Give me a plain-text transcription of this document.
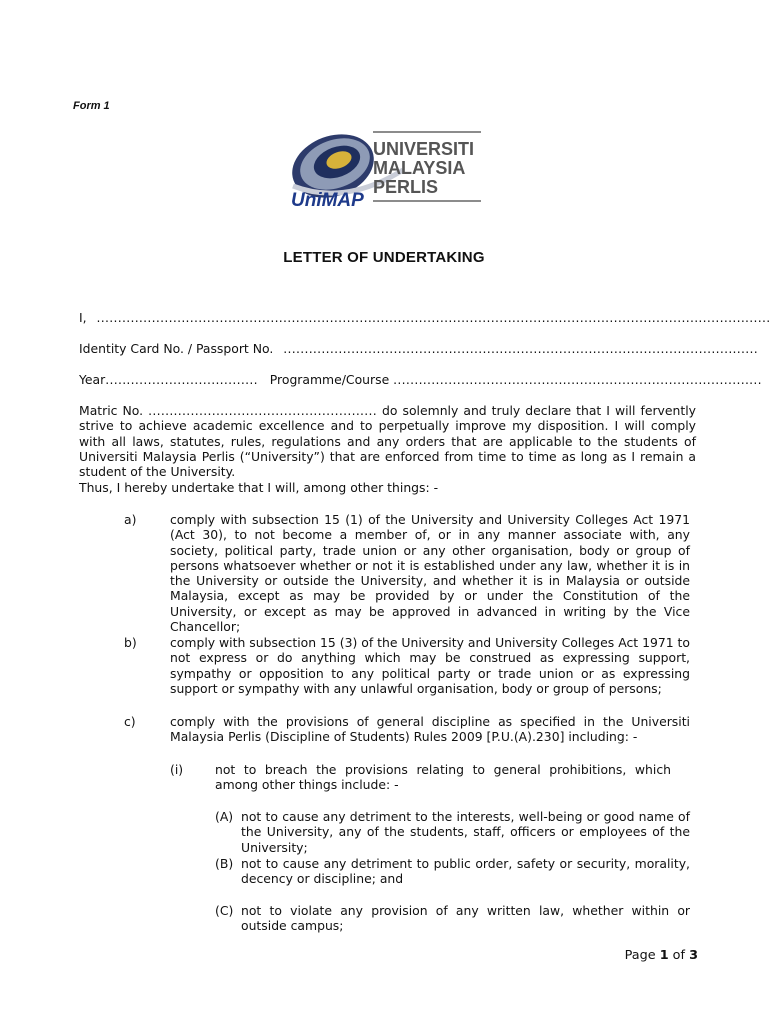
Form 1
UNIVERSITI
MALAYSIA
PERLIS
UniMAP
LETTER OF UNDERTAKING
I, ...............................................................................................................................................................
Identity Card No. / Passport No. ................................................................................................................
Year.................................... Programme/Course .......................................................................................
Matric No. ...................................................... do solemnly and truly declare that I will fervently strive to achieve academic excellence and to perpetually improve my disposition. I will comply with all laws, statutes, rules, regulations and any orders that are applicable to the students of Universiti Malaysia Perlis (“University”) that are enforced from time to time as long as I remain a student of the University.
Thus, I hereby undertake that I will, among other things: -
a)	comply with subsection 15 (1) of the University and University Colleges Act 1971 (Act 30), to not become a member of, or in any manner associate with, any society, political party, trade union or any other organisation, body or group of persons whatsoever whether or not it is established under any law, whether it is in the University or outside the University, and whether it is in Malaysia or outside Malaysia, except as may be provided by or under the Constitution of the University, or except as may be approved in advanced in writing by the Vice Chancellor;
b)	comply with subsection 15 (3) of the University and University Colleges Act 1971 to not express or do anything which may be construed as expressing support, sympathy or opposition to any political party or trade union or as expressing support or sympathy with any unlawful organisation, body or group of persons;
c)	comply with the provisions of general discipline as specified in the Universiti Malaysia Perlis (Discipline of Students) Rules 2009 [P.U.(A).230] including: -
(i)	not to breach the provisions relating to general prohibitions, which among other things include: -
(A) not to cause any detriment to the interests, well-being or good name of the University, any of the students, staff, officers or employees of the University;
(B) not to cause any detriment to public order, safety or security, morality, decency or discipline; and
(C) not to violate any provision of any written law, whether within or outside campus;
Page 1 of 3
